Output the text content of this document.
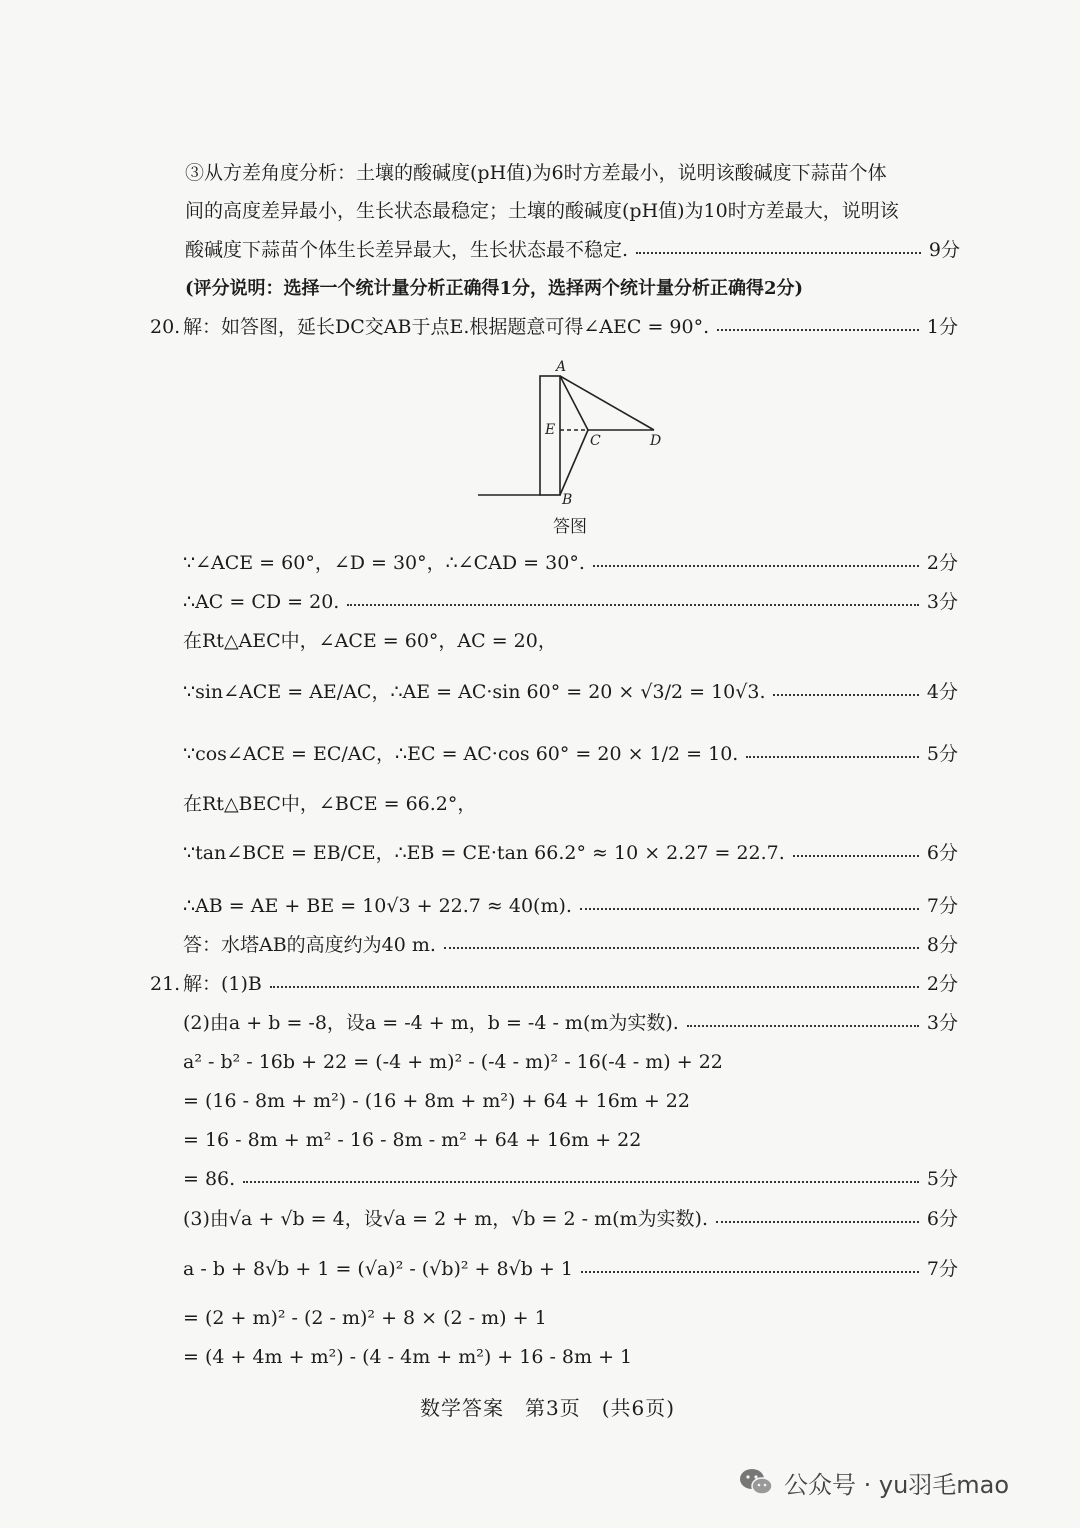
③从方差角度分析：土壤的酸碱度(pH值)为6时方差最小，说明该酸碱度下蒜苗个体
间的高度差异最小，生长状态最稳定；土壤的酸碱度(pH值)为10时方差最大，说明该
酸碱度下蒜苗个体生长差异最大，生长状态最不稳定.	9分
(评分说明：选择一个统计量分析正确得1分，选择两个统计量分析正确得2分)
20. 解：如答图，延长DC交AB于点E.根据题意可得∠AEC = 90°.	1分
A
E
C	D
B
答图
∵∠ACE = 60°，∠D = 30°，∴∠CAD = 30°.	2分
∴AC = CD = 20.	3分
在Rt△AEC中，∠ACE = 60°，AC = 20，
∵sin∠ACE = AE/AC，∴AE = AC·sin 60° = 20 × √3/2 = 10√3.	4分
∵cos∠ACE = EC/AC，∴EC = AC·cos 60° = 20 × 1/2 = 10.	5分
在Rt△BEC中，∠BCE = 66.2°，
∵tan∠BCE = EB/CE，∴EB = CE·tan 66.2° ≈ 10 × 2.27 = 22.7.	6分
∴AB = AE + BE = 10√3 + 22.7 ≈ 40(m).	7分
答：水塔AB的高度约为40 m.	8分
21. 解：(1)B	2分
(2)由a + b = -8，设a = -4 + m，b = -4 - m(m为实数).	3分
a² - b² - 16b + 22 = (-4 + m)² - (-4 - m)² - 16(-4 - m) + 22
= (16 - 8m + m²) - (16 + 8m + m²) + 64 + 16m + 22
= 16 - 8m + m² - 16 - 8m - m² + 64 + 16m + 22
= 86.	5分
(3)由√a + √b = 4，设√a = 2 + m，√b = 2 - m(m为实数).	6分
a - b + 8√b + 1 = (√a)² - (√b)² + 8√b + 1	7分
= (2 + m)² - (2 - m)² + 8 × (2 - m) + 1
= (4 + 4m + m²) - (4 - 4m + m²) + 16 - 8m + 1
数学答案　第3页　(共6页)
公众号 · yu羽毛mao
